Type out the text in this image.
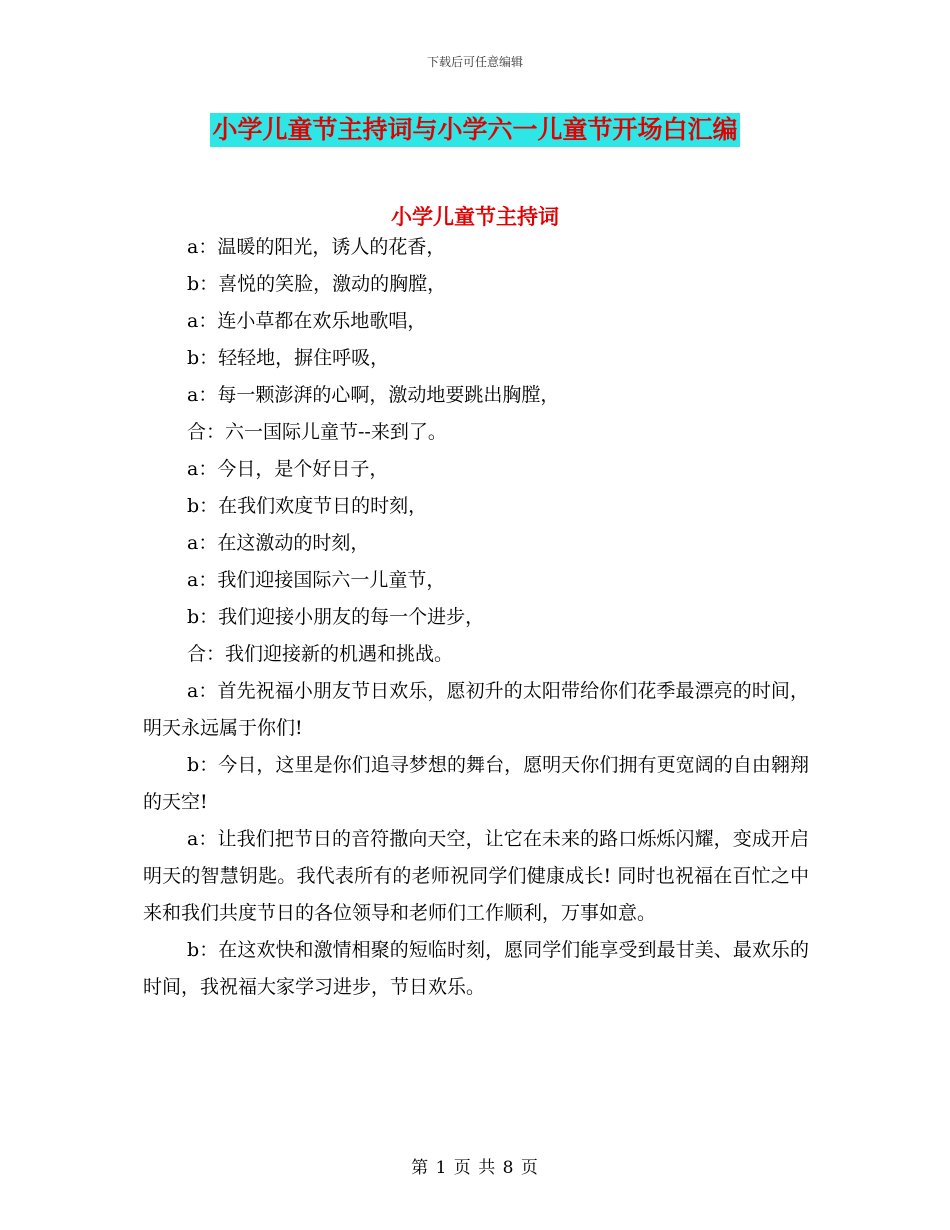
下载后可任意编辑
小学儿童节主持词与小学六一儿童节开场白汇编
小学儿童节主持词

a：温暖的阳光，诱人的花香，

b：喜悦的笑脸，激动的胸膛，

a：连小草都在欢乐地歌唱，

b：轻轻地，摒住呼吸，

a：每一颗澎湃的心啊，激动地要跳出胸膛，

合：六一国际儿童节--来到了。

a：今日，是个好日子，

b：在我们欢度节日的时刻，

a：在这激动的时刻，

a：我们迎接国际六一儿童节，

b：我们迎接小朋友的每一个进步，

合：我们迎接新的机遇和挑战。

a：首先祝福小朋友节日欢乐，愿初升的太阳带给你们花季最漂亮的时间，明天永远属于你们!

b：今日，这里是你们追寻梦想的舞台，愿明天你们拥有更宽阔的自由翱翔的天空!

a：让我们把节日的音符撒向天空，让它在未来的路口烁烁闪耀，变成开启明天的智慧钥匙。我代表所有的老师祝同学们健康成长! 同时也祝福在百忙之中来和我们共度节日的各位领导和老师们工作顺利，万事如意。

b：在这欢快和激情相聚的短临时刻，愿同学们能享受到最甘美、最欢乐的时间，我祝福大家学习进步，节日欢乐。

第 1 页 共 8 页
